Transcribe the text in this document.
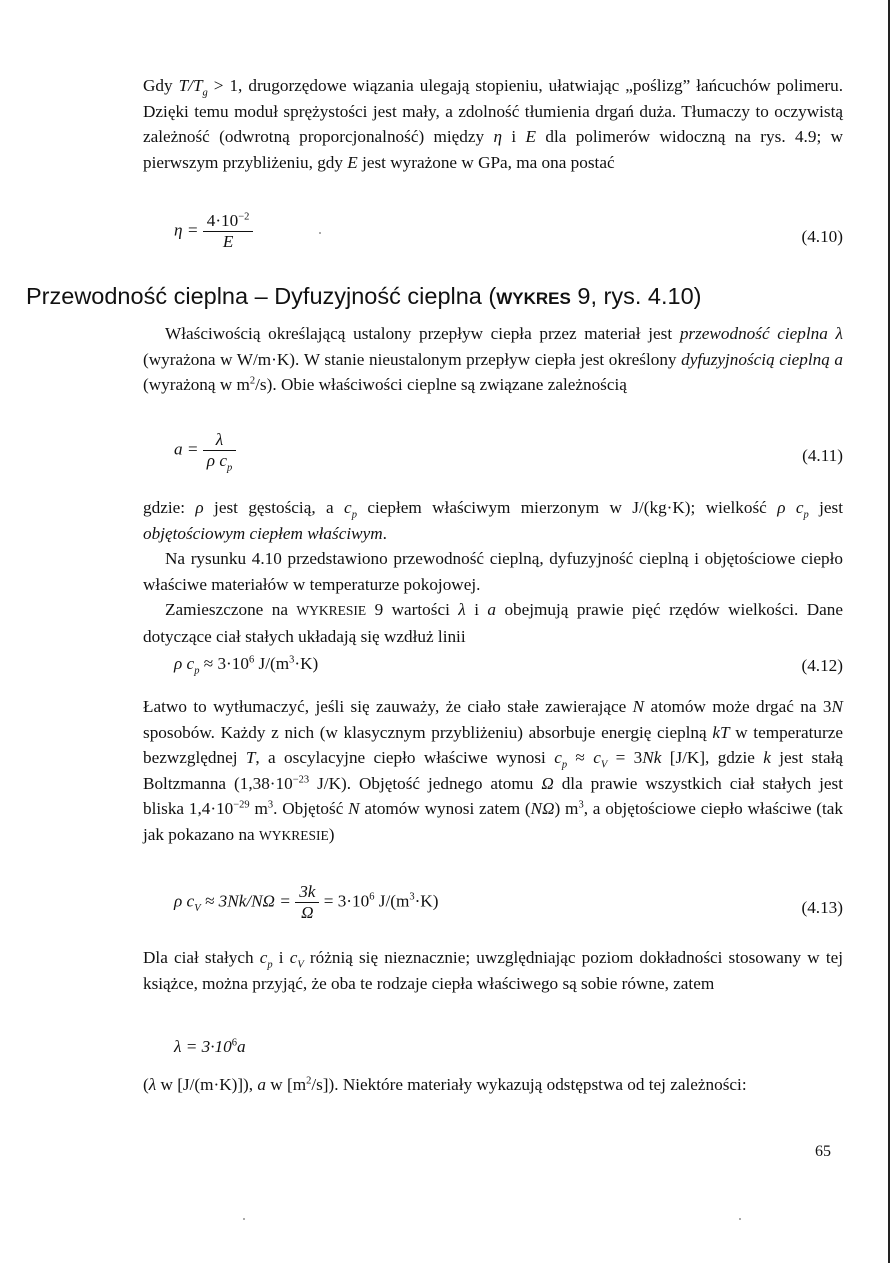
Gdy $T/T_g > 1$, drugorzędowe wiązania ulegają stopieniu, ułatwiając „poślizg” łańcuchów polimeru. Dzięki temu moduł sprężystości jest mały, a zdolność tłumienia drgań duża. Tłumaczy to oczywistą zależność (odwrotną proporcjonalność) między η i E dla polimerów widoczną na rys. 4.9; w pierwszym przybliżeniu, gdy E jest wyrażone w GPa, ma ona postać

$\eta = \frac{4\cdot 10^{-2}}{E}$	(4.10)
Przewodność cieplna – Dyfuzyjność cieplna (WYKRES 9, rys. 4.10)

Właściwością określającą ustalony przepływ ciepła przez materiał jest przewodność cieplna λ (wyrażona w W/m·K). W stanie nieustalonym przepływ ciepła jest określony dyfuzyjnością cieplną a (wyrażoną w $m^2/s$). Obie właściwości cieplne są związane zależnością

$a = \frac{\lambda}{\rho c_p}$	(4.11)

gdzie: ρ jest gęstością, a $c_p$ ciepłem właściwym mierzonym w J/(kg·K); wielkość ρ $c_p$ jest objętościowym ciepłem właściwym.

Na rysunku 4.10 przedstawiono przewodność cieplną, dyfuzyjność cieplną i objętościowe ciepło właściwe materiałów w temperaturze pokojowej.

Zamieszczone na WYKRESIE 9 wartości λ i a obejmują prawie pięć rzędów wielkości. Dane dotyczące ciał stałych układają się wzdłuż linii

ρ $c_p \approx 3\cdot 10^6$ $J/(m^3\cdot K)$	(4.12)

Łatwo to wytłumaczyć, jeśli się zauważy, że ciało stałe zawierające N atomów może drgać na 3N sposobów. Każdy z nich (w klasycznym przybliżeniu) absorbuje energię cieplną kT w temperaturze bezwzględnej T, a oscylacyjne ciepło właściwe wynosi $c_p \approx c_V = 3Nk$ [J/K], gdzie k jest stałą Boltzmanna ($1,38\cdot 10^{-23}$ J/K). Objętość jednego atomu Ω dla prawie wszystkich ciał stałych jest bliska $1,4\cdot 10^{-29}$ $m^3$. Objętość N atomów wynosi zatem (NΩ) $m^3$, a objętościowe ciepło właściwe (tak jak pokazano na WYKRESIE)

ρ $c_V \approx 3Nk/N\Omega = \frac{3k}{\Omega} = 3\cdot 10^6$ $J/(m^3\cdot K)$	(4.13)

Dla ciał stałych $c_p$ i $c_V$ różnią się nieznacznie; uwzględniając poziom dokładności stosowany w tej książce, można przyjąć, że oba te rodzaje ciepła właściwego są sobie równe, zatem

$\lambda = 3\cdot 10^6a$

(λ w [J/(m·K)]), a w $[m^2/s]$). Niektóre materiały wykazują odstępstwa od tej zależności:

65
